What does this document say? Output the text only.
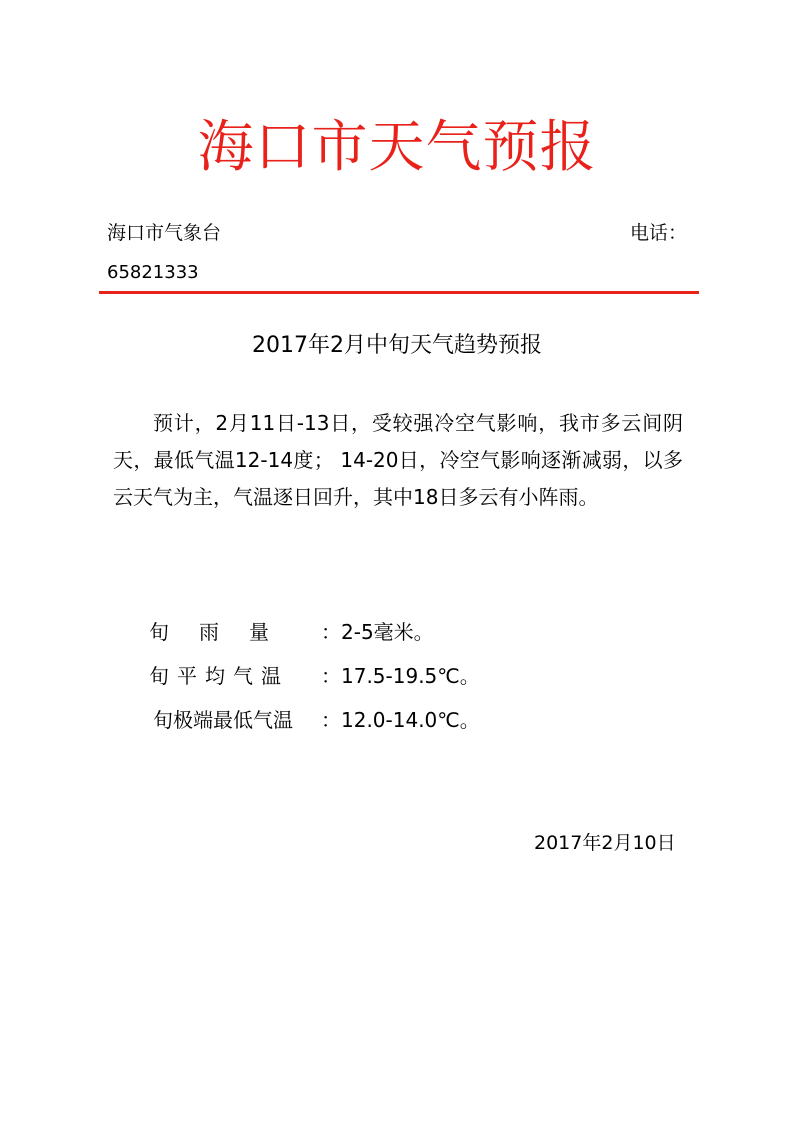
海口市天气预报
海口市气象台	电话：
65821333
2017年2月中旬天气趋势预报

预计，2月11日-13日，受较强冷空气影响，我市多云间阴天，最低气温12-14度； 14-20日，冷空气影响逐渐减弱，以多云天气为主，气温逐日回升，其中18日多云有小阵雨。

旬雨量	： 2-5毫米。
旬平均气温	： 17.5-19.5℃。
旬极端最低气温	： 12.0-14.0℃。
2017年2月10日
